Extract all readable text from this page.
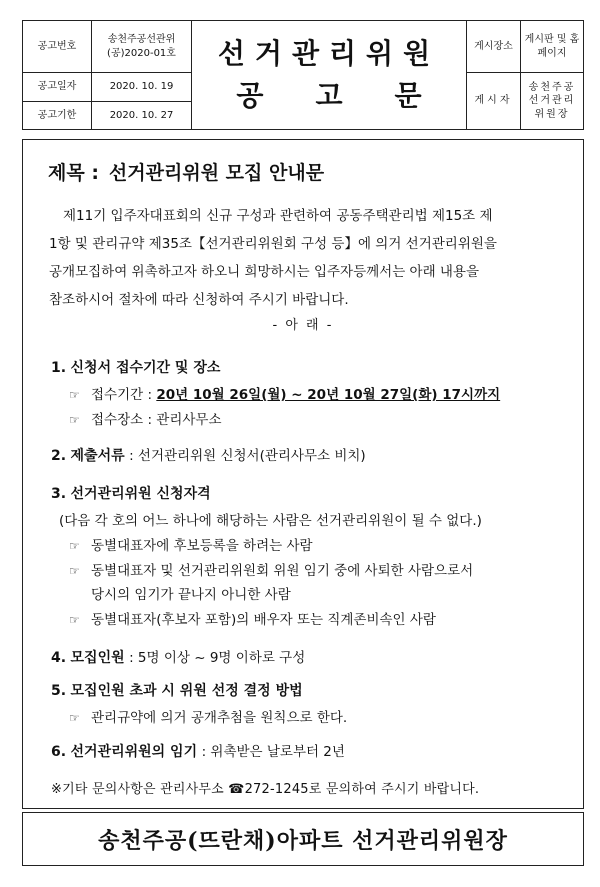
공고번호
송천주공선관위 (공)2020-01호
공고일자	2020. 10. 19
공고기한	2020. 10. 27
선거관리위원
공고문
게시장소
게시판 및 홈페이지
게시자
송천주공 선거관리 위원장
제목 : 선거관리위원 모집 안내문

제11기 입주자대표회의 신규 구성과 관련하여 공동주택관리법 제15조 제

1항 및 관리규약 제35조【선거관리위원회 구성 등】에 의거 선거관리위원을

공개모집하여 위촉하고자 하오니 희망하시는 입주자등께서는 아래 내용을

참조하시어 절차에 따라 신청하여 주시기 바랍니다.

- 아 래 -
1. 신청서 접수기간 및 장소
☞ 접수기간 : 20년 10월 26일(월) ~ 20년 10월 27일(화) 17시까지
☞ 접수장소 : 관리사무소
2. 제출서류 : 선거관리위원 신청서(관리사무소 비치)
3. 선거관리위원 신청자격
(다음 각 호의 어느 하나에 해당하는 사람은 선거관리위원이 될 수 없다.)
☞ 동별대표자에 후보등록을 하려는 사람
☞ 동별대표자 및 선거관리위원회 위원 임기 중에 사퇴한 사람으로서
당시의 임기가 끝나지 아니한 사람
☞ 동별대표자(후보자 포함)의 배우자 또는 직계존비속인 사람
4. 모집인원 : 5명 이상 ~ 9명 이하로 구성
5. 모집인원 초과 시 위원 선정 결정 방법
☞ 관리규약에 의거 공개추첨을 원칙으로 한다.
6. 선거관리위원의 임기 : 위촉받은 날로부터 2년
※기타 문의사항은 관리사무소 ☎272-1245로 문의하여 주시기 바랍니다.
송천주공(뜨란채)아파트 선거관리위원장
